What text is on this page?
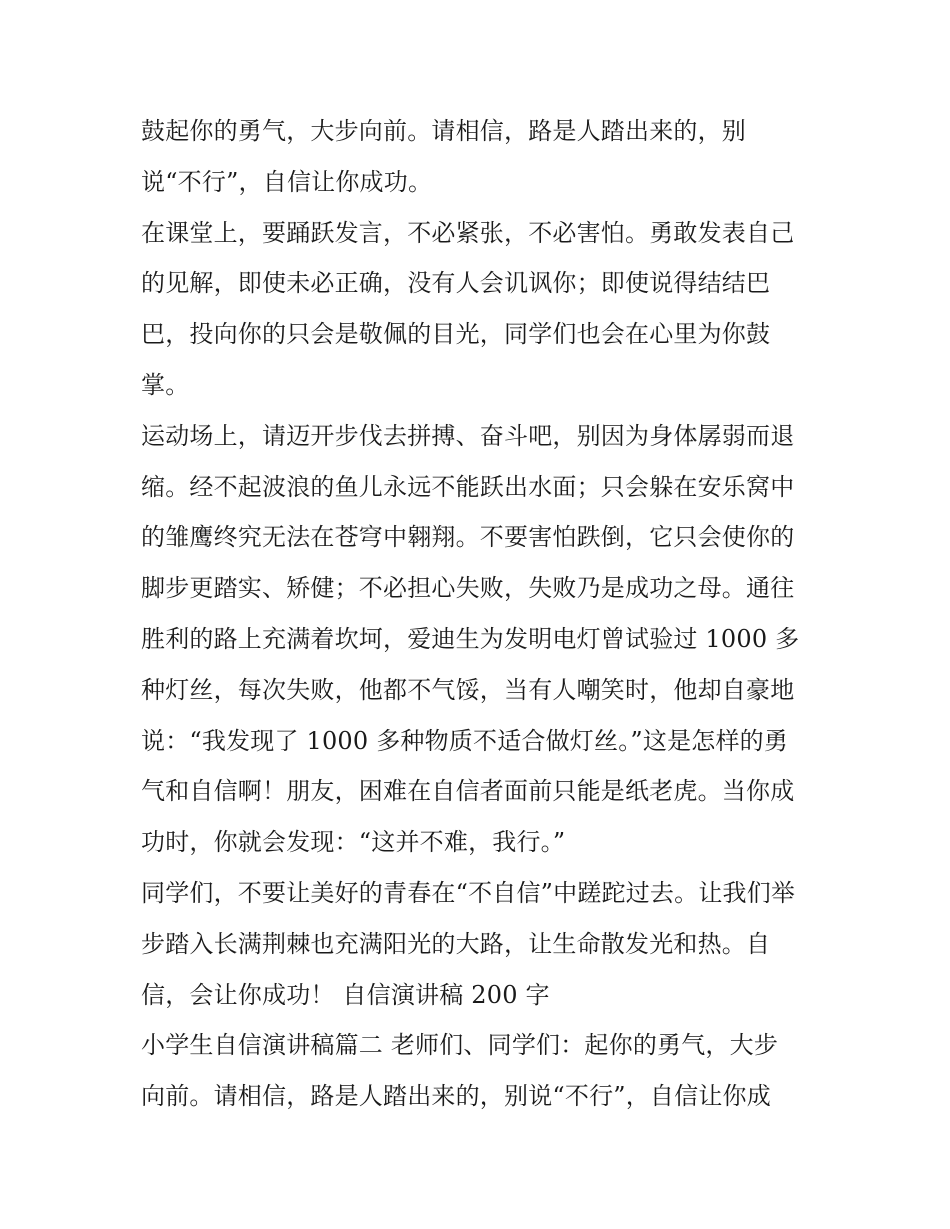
鼓起你的勇气，大步向前。请相信，路是人踏出来的，别
说“不行”，自信让你成功。
在课堂上，要踊跃发言，不必紧张，不必害怕。勇敢发表自己
的见解，即使未必正确，没有人会讥讽你；即使说得结结巴
巴，投向你的只会是敬佩的目光，同学们也会在心里为你鼓
掌。
运动场上，请迈开步伐去拼搏、奋斗吧，别因为身体孱弱而退
缩。经不起波浪的鱼儿永远不能跃出水面；只会躲在安乐窝中
的雏鹰终究无法在苍穹中翱翔。不要害怕跌倒，它只会使你的
脚步更踏实、矫健；不必担心失败，失败乃是成功之母。通往
胜利的路上充满着坎坷，爱迪生为发明电灯曾试验过 1000 多
种灯丝，每次失败，他都不气馁，当有人嘲笑时，他却自豪地
说：“我发现了 1000 多种物质不适合做灯丝。”这是怎样的勇
气和自信啊！朋友，困难在自信者面前只能是纸老虎。当你成
功时，你就会发现：“这并不难，我行。”
同学们，不要让美好的青春在“不自信”中蹉跎过去。让我们举
步踏入长满荆棘也充满阳光的大路，让生命散发光和热。自
信，会让你成功！ 自信演讲稿 200 字
小学生自信演讲稿篇二 老师们、同学们：起你的勇气，大步
向前。请相信，路是人踏出来的，别说“不行”，自信让你成
